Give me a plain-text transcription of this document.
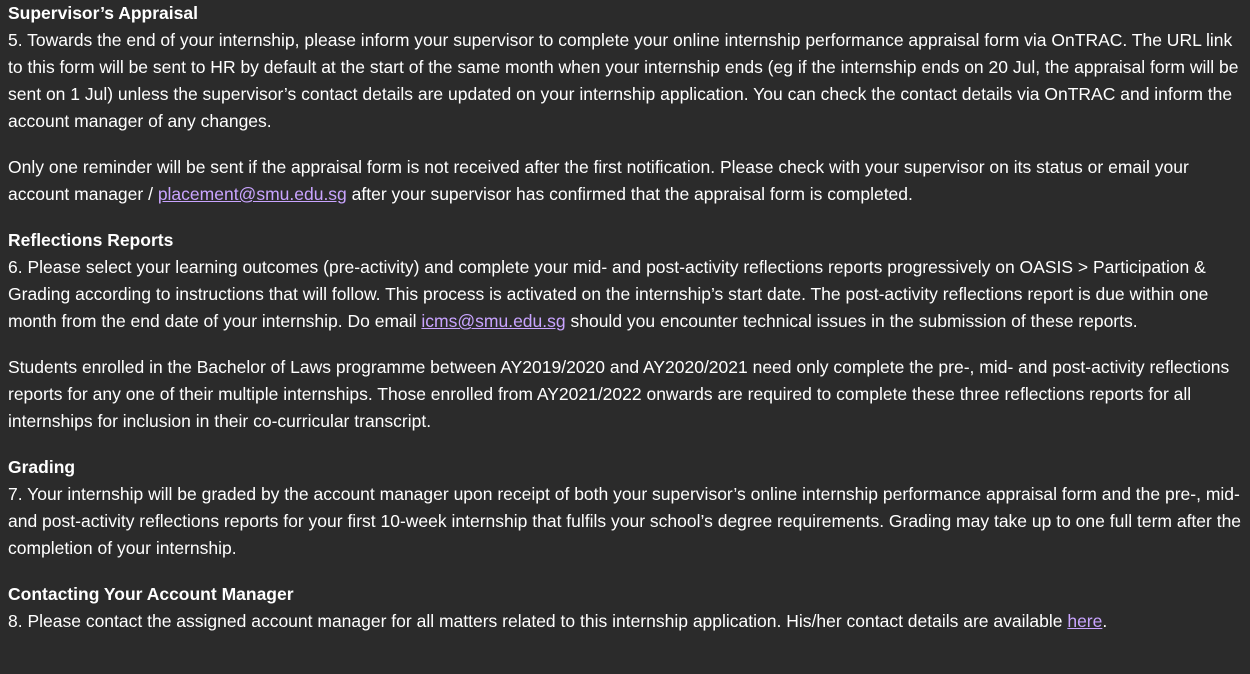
Supervisor’s Appraisal

5. Towards the end of your internship, please inform your supervisor to complete your online internship performance appraisal form via OnTRAC. The URL link to this form will be sent to HR by default at the start of the same month when your internship ends (eg if the internship ends on 20 Jul, the appraisal form will be sent on 1 Jul) unless the supervisor’s contact details are updated on your internship application. You can check the contact details via OnTRAC and inform the account manager of any changes.

Only one reminder will be sent if the appraisal form is not received after the first notification. Please check with your supervisor on its status or email your account manager / placement@smu.edu.sg after your supervisor has confirmed that the appraisal form is completed.

Reflections Reports

6. Please select your learning outcomes (pre-activity) and complete your mid- and post-activity reflections reports progressively on OASIS > Participation & Grading according to instructions that will follow. This process is activated on the internship’s start date. The post-activity reflections report is due within one month from the end date of your internship. Do email icms@smu.edu.sg should you encounter technical issues in the submission of these reports.

Students enrolled in the Bachelor of Laws programme between AY2019/2020 and AY2020/2021 need only complete the pre-, mid- and post-activity reflections reports for any one of their multiple internships. Those enrolled from AY2021/2022 onwards are required to complete these three reflections reports for all internships for inclusion in their co-curricular transcript.

Grading

7. Your internship will be graded by the account manager upon receipt of both your supervisor’s online internship performance appraisal form and the pre-, mid- and post-activity reflections reports for your first 10-week internship that fulfils your school’s degree requirements. Grading may take up to one full term after the completion of your internship.

Contacting Your Account Manager

8. Please contact the assigned account manager for all matters related to this internship application. His/her contact details are available here.
